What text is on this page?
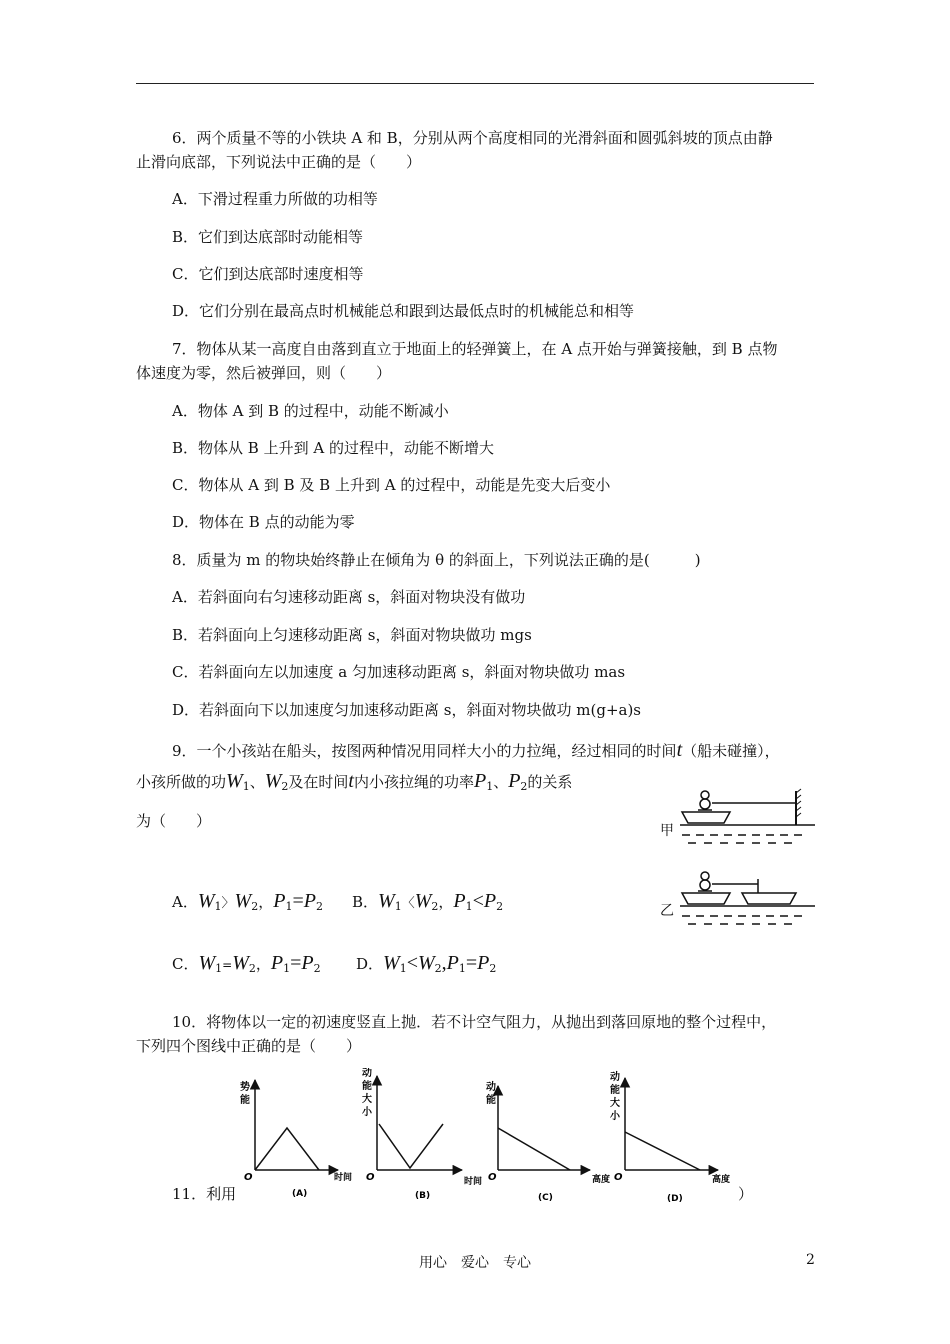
6．两个质量不等的小铁块 A 和 B，分别从两个高度相同的光滑斜面和圆弧斜坡的顶点由静
止滑向底部，下列说法中正确的是（　　）
A．下滑过程重力所做的功相等
B．它们到达底部时动能相等
C．它们到达底部时速度相等
D．它们分别在最高点时机械能总和跟到达最低点时的机械能总和相等
7．物体从某一高度自由落到直立于地面上的轻弹簧上，在 A 点开始与弹簧接触，到 B 点物
体速度为零，然后被弹回，则（　　）
A．物体 A 到 B 的过程中，动能不断减小
B．物体从 B 上升到 A 的过程中，动能不断增大
C．物体从 A 到 B 及 B 上升到 A 的过程中，动能是先变大后变小
D．物体在 B 点的动能为零
8．质量为 m 的物块始终静止在倾角为 θ 的斜面上，下列说法正确的是(　　　)
A．若斜面向右匀速移动距离 s，斜面对物块没有做功
B．若斜面向上匀速移动距离 s，斜面对物块做功 mgs
C．若斜面向左以加速度 a 匀加速移动距离 s，斜面对物块做功 mas
D．若斜面向下以加速度匀加速移动距离 s，斜面对物块做功 m(g+a)s
9．一个小孩站在船头，按图两种情况用同样大小的力拉绳，经过相同的时间t（船未碰撞），
小孩所做的功$W_1$、$W_2$及在时间t内小孩拉绳的功率$P_1$、$P_2$的关系
为（　　）
A．$W_1$〉$W_2$，$P_1=P_2$ B．$W_1$〈$W_2$，$P_1<P_2$
C．$W_1=W_2$，$P_1=P_2$ D．$W_1<W_2,P_1=P_2$
甲
乙
10．将物体以一定的初速度竖直上抛．若不计空气阻力，从抛出到落回原地的整个过程中，
下列四个图线中正确的是（　　）
势
能
O	时间
(A)
动
能
大
小
O	时间
(B)
动
能
O	高度
(C)
动
能
大
小
O	高度
(D)
11．利用	）
用心　爱心　专心	2
